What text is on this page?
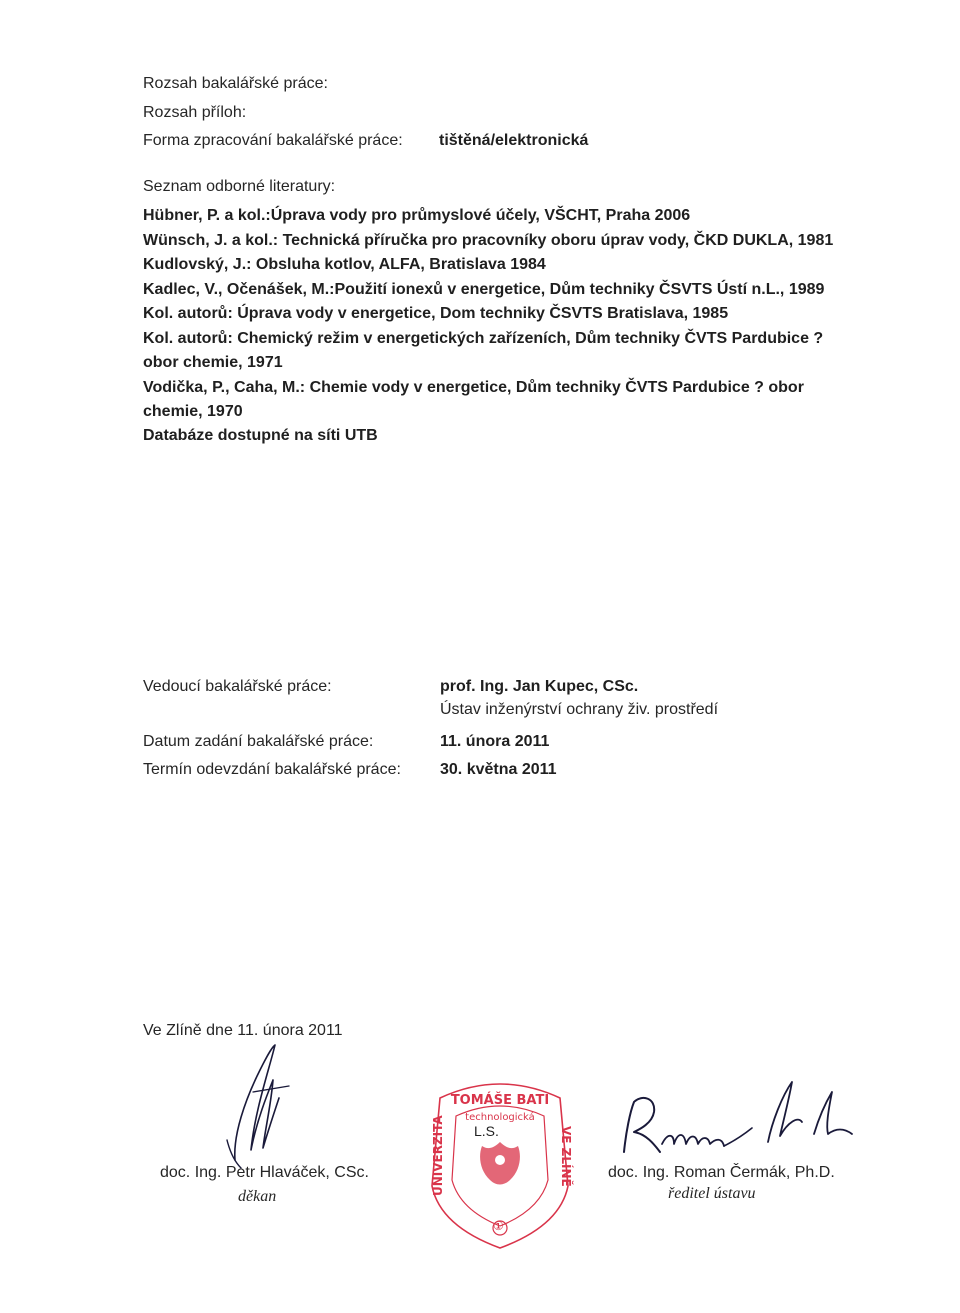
Rozsah bakalářské práce:
Rozsah příloh:
Forma zpracování bakalářské práce: tištěná/elektronická
Seznam odborné literatury:
Hübner, P. a kol.:Úprava vody pro průmyslové účely, VŠCHT, Praha 2006
Wünsch, J. a kol.: Technická příručka pro pracovníky oboru úprav vody, ČKD DUKLA, 1981
Kudlovský, J.: Obsluha kotlov, ALFA, Bratislava 1984
Kadlec, V., Očenášek, M.:Použití ionexů v energetice, Dům techniky ČSVTS Ústí n.L., 1989
Kol. autorů: Úprava vody v energetice, Dom techniky ČSVTS Bratislava, 1985
Kol. autorů: Chemický režim v energetických zařízeních, Dům techniky ČVTS Pardubice ?
obor chemie, 1971
Vodička, P., Caha, M.: Chemie vody v energetice, Dům techniky ČVTS Pardubice ? obor
chemie, 1970
Databáze dostupné na síti UTB
Vedoucí bakalářské práce:	prof. Ing. Jan Kupec, CSc.
Ústav inženýrství ochrany živ. prostředí
Datum zadání bakalářské práce:	11. února 2011
Termín odevzdání bakalářské práce: 30. května 2011
Ve Zlíně dne 11. února 2011
doc. Ing. Petr Hlaváček, CSc.
děkan
TOMÁŠE BATI
technologická
UNIVERZITA	VE ZLÍNĚ
L.S.
①
doc. Ing. Roman Čermák, Ph.D.
ředitel ústavu
